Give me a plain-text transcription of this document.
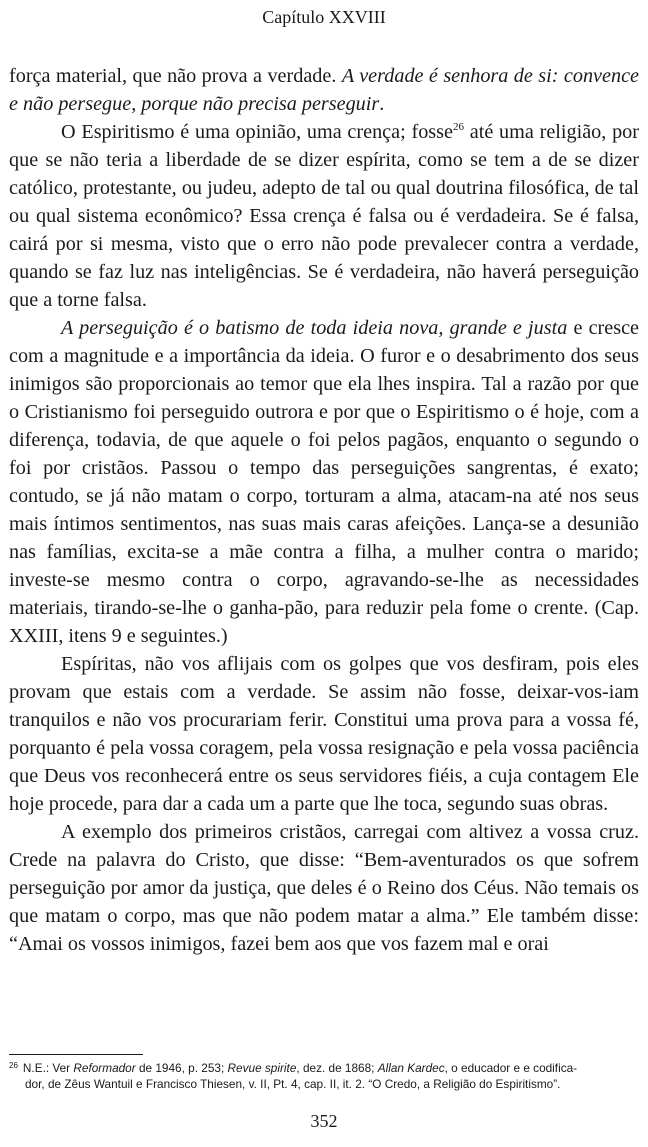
Capítulo XXVIII

força material, que não prova a verdade. A verdade é senhora de si: convence e não persegue, porque não precisa perseguir.

O Espiritismo é uma opinião, uma crença; fosse$^{26}$ até uma religião, por que se não teria a liberdade de se dizer espírita, como se tem a de se dizer católico, protestante, ou judeu, adepto de tal ou qual doutrina filosófica, de tal ou qual sistema econômico? Essa crença é falsa ou é verdadeira. Se é falsa, cairá por si mesma, visto que o erro não pode prevalecer contra a verdade, quando se faz luz nas inteligências. Se é verdadeira, não haverá perseguição que a torne falsa.

A perseguição é o batismo de toda ideia nova, grande e justa e cresce com a magnitude e a importância da ideia. O furor e o desabrimento dos seus inimigos são proporcionais ao temor que ela lhes inspira. Tal a razão por que o Cristianismo foi perseguido outrora e por que o Espiritismo o é hoje, com a diferença, todavia, de que aquele o foi pelos pagãos, enquanto o segundo o foi por cristãos. Passou o tempo das perseguições sangrentas, é exato; contudo, se já não matam o corpo, torturam a alma, atacam-na até nos seus mais íntimos sentimentos, nas suas mais caras afeições. Lança-se a desunião nas famílias, excita-se a mãe contra a filha, a mulher contra o marido; investe-se mesmo contra o corpo, agravando-se-lhe as necessidades materiais, tirando-se-lhe o ganha-pão, para reduzir pela fome o crente. (Cap. XXIII, itens 9 e seguintes.)

Espíritas, não vos aflijais com os golpes que vos desfiram, pois eles provam que estais com a verdade. Se assim não fosse, deixar-vos-iam tranquilos e não vos procurariam ferir. Constitui uma prova para a vossa fé, porquanto é pela vossa coragem, pela vossa resignação e pela vossa paciência que Deus vos reconhecerá entre os seus servidores fiéis, a cuja contagem Ele hoje procede, para dar a cada um a parte que lhe toca, segundo suas obras.

A exemplo dos primeiros cristãos, carregai com altivez a vossa cruz. Crede na palavra do Cristo, que disse: “Bem-aventurados os que sofrem perseguição por amor da justiça, que deles é o Reino dos Céus. Não temais os que matam o corpo, mas que não podem matar a alma.” Ele também disse: “Amai os vossos inimigos, fazei bem aos que vos fazem mal e orai

$^{26}$ N.E.: Ver Reformador de 1946, p. 253; Revue spirite, dez. de 1868; Allan Kardec, o educador e e codifica-
dor, de Zêus Wantuil e Francisco Thiesen, v. II, Pt. 4, cap. II, it. 2. “O Credo, a Religião do Espiritismo”.
352
